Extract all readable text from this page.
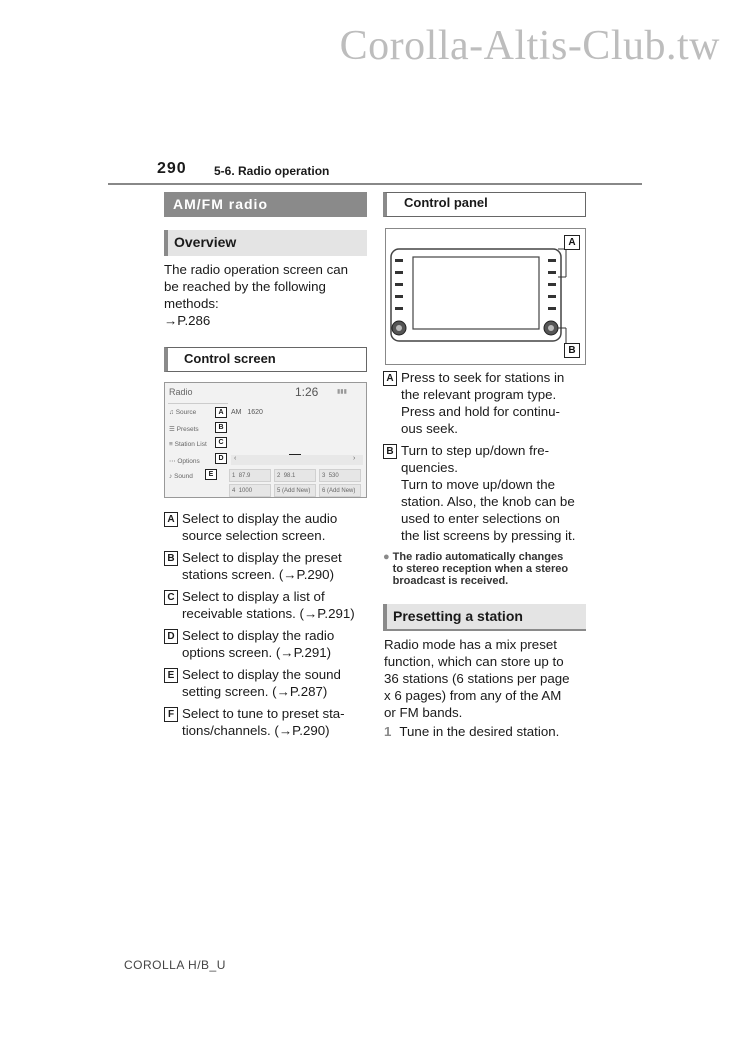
Corolla-Altis-Club.tw
290 5-6. Radio operation
AM/FM radio
Overview
The radio operation screen can
be reached by the following
methods:
→P.286
Control screen
Radio	1:26	▮▮▮
♫ Source
☰ Presets
≡ Station List
⋯ Options
♪ Sound
A
B
C
D
E
AM 1620
‹	›
1 87.9	2 98.1	3 530
4 1000	5 (Add New)	6 (Add New)
A Select to display the audio
source selection screen.
B Select to display the preset
stations screen. (→P.290)
C Select to display a list of
receivable stations. (→P.291)
D Select to display the radio
options screen. (→P.291)
E Select to display the sound
setting screen. (→P.287)
F Select to tune to preset sta-
tions/channels. (→P.290)
Control panel
A
B
A Press to seek for stations in
the relevant program type.
Press and hold for continu-
ous seek.
B Turn to step up/down fre-
quencies.
Turn to move up/down the
station. Also, the knob can be
used to enter selections on
the list screens by pressing it.
● The radio automatically changes
to stereo reception when a stereo
broadcast is received.
Presetting a station
Radio mode has a mix preset
function, which can store up to
36 stations (6 stations per page
x 6 pages) from any of the AM
or FM bands.
1 Tune in the desired station.
COROLLA H/B_U
